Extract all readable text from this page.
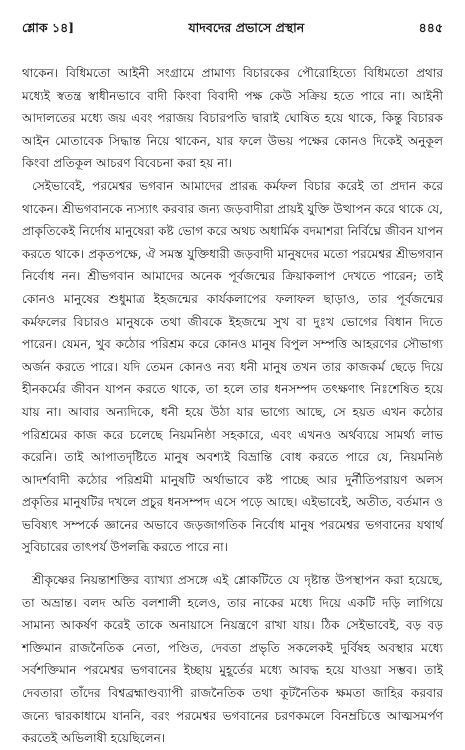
শ্লোক ১৪]	যাদবদের প্রভাসে প্রস্থান	৪৪৫

থাকেন। বিধিমতো আইনী সংগ্রামে প্রামাণ্য বিচারকের পৌরোহিত্যে বিধিমতো প্রথার মধ্যেই স্বতন্ত্র স্বাধীনভাবে বাদী কিংবা বিবাদী পক্ষ কেউ সক্রিয় হতে পারে না। আইনী আদালতের মধ্যে জয় এবং পরাজয় বিচারপতি দ্বারাই ঘোষিত হয়ে থাকে, কিন্তু বিচারক আইন মোতাবেক সিদ্ধান্ত নিয়ে থাকেন, যার ফলে উভয় পক্ষের কোনও দিকেই অনুকূল কিংবা প্রতিকূল আচরণ বিবেচনা করা হয় না।

সেইভাবেই, পরমেশ্বর ভগবান আমাদের প্রারব্ধ কর্মফল বিচার করেই তা প্রদান করে থাকেন। শ্রীভগবানকে ন্যস্যাৎ করবার জন্য জড়বাদীরা প্রায়ই যুক্তি উত্থাপন করে থাকে যে, প্রাকৃতিকেই নির্দোষ মানুষেরা কষ্ট ভোগ করে অথচ অধার্মিক বদমাশরা নির্বিঘ্নে জীবন যাপন করতে থাকে। প্রকৃতপক্ষে, ঐ সমস্ত যুক্তিধারী জড়বাদী মানুষদের মতো পরমেশ্বর শ্রীভগবান নির্বোধ নন। শ্রীভগবান আমাদের অনেক পূর্বজন্মের ক্রিয়াকলাপ দেখতে পারেন; তাই কোনও মানুষের শুধুমাত্র ইহজন্মের কার্যকলাপের ফলাফল ছাড়াও, তার পূর্বজন্মের কর্মফলের বিচারও মানুষকে তথা জীবকে ইহজন্মে সুখ বা দুঃখ ভোগের বিধান দিতে পারেন। যেমন, খুব কঠোর পরিশ্রম করে কোনও মানুষ বিপুল সম্পত্তি আহরণের সৌভাগ্য অর্জন করতে পারে। যদি তেমন কোনও নব্য ধনী মানুষ তখন তার কাজকর্ম ছেড়ে দিয়ে হীনকর্মের জীবন যাপন করতে থাকে, তা হলে তার ধনসম্পদ তৎক্ষণাৎ নিঃশেষিত হয়ে যায় না। আবার অন্যদিকে, ধনী হয়ে উঠা যার ভাগ্যে আছে, সে হয়ত এখন কঠোর পরিশ্রমের কাজ করে চলেছে নিয়মনিষ্ঠা সহকারে, এবং এখনও অর্থব্যয়ে সামর্থ্য লাভ করেনি। তাই আপাতদৃষ্টিতে মানুষ অবশ্যই বিভ্রান্তি বোধ করতে পারে যে, নিয়মনিষ্ঠ আদর্শবাদী কঠোর পরিশ্রমী মানুষটি অর্থাভাবে কষ্ট পাচ্ছে আর দুর্নীতিপরায়ণ অলস প্রকৃতির মানুষটির দখলে প্রচুর ধনসম্পদ এসে পড়ে আছে। এইভাবেই, অতীত, বর্তমান ও ভবিষ্যৎ সম্পর্কে জ্ঞানের অভাবে জড়জাগতিক নির্বোধ মানুষ পরমেশ্বর ভগবানের যথার্থ সুবিচারের তাৎপর্য উপলব্ধি করতে পারে না।

শ্রীকৃষ্ণের নিয়ন্তাশক্তির ব্যাখ্যা প্রসঙ্গে এই শ্লোকটিতে যে দৃষ্টান্ত উপস্থাপন করা হয়েছে, তা অভ্রান্ত। বলদ অতি বলশালী হলেও, তার নাকের মধ্যে দিয়ে একটি দড়ি লাগিয়ে সামান্য আকর্ষণ করেই তাকে অনায়াসে নিয়ন্ত্রণে রাখা যায়। ঠিক সেইভাবেই, বড় বড় শক্তিমান রাজনৈতিক নেতা, পণ্ডিত, দেবতা প্রভৃতি সকলেকই দুর্বিষহ অবস্থার মধ্যে সর্বশক্তিমান পরমেশ্বর ভগবানের ইচ্ছায় মুহূর্তের মধ্যে আবদ্ধ হয়ে যাওয়া সম্ভব। তাই দেবতারা তাঁদের বিশ্বব্রহ্মাণ্ডব্যাপী রাজনৈতিক তথা কূটনৈতিক ক্ষমতা জাহির করবার জন্যে দ্বারকাধামে যাননি, বরং পরমেশ্বর ভগবানের চরণকমলে বিনম্রচিত্তে আত্মসমর্পণ করতেই অভিলাষী হয়েছিলেন।
